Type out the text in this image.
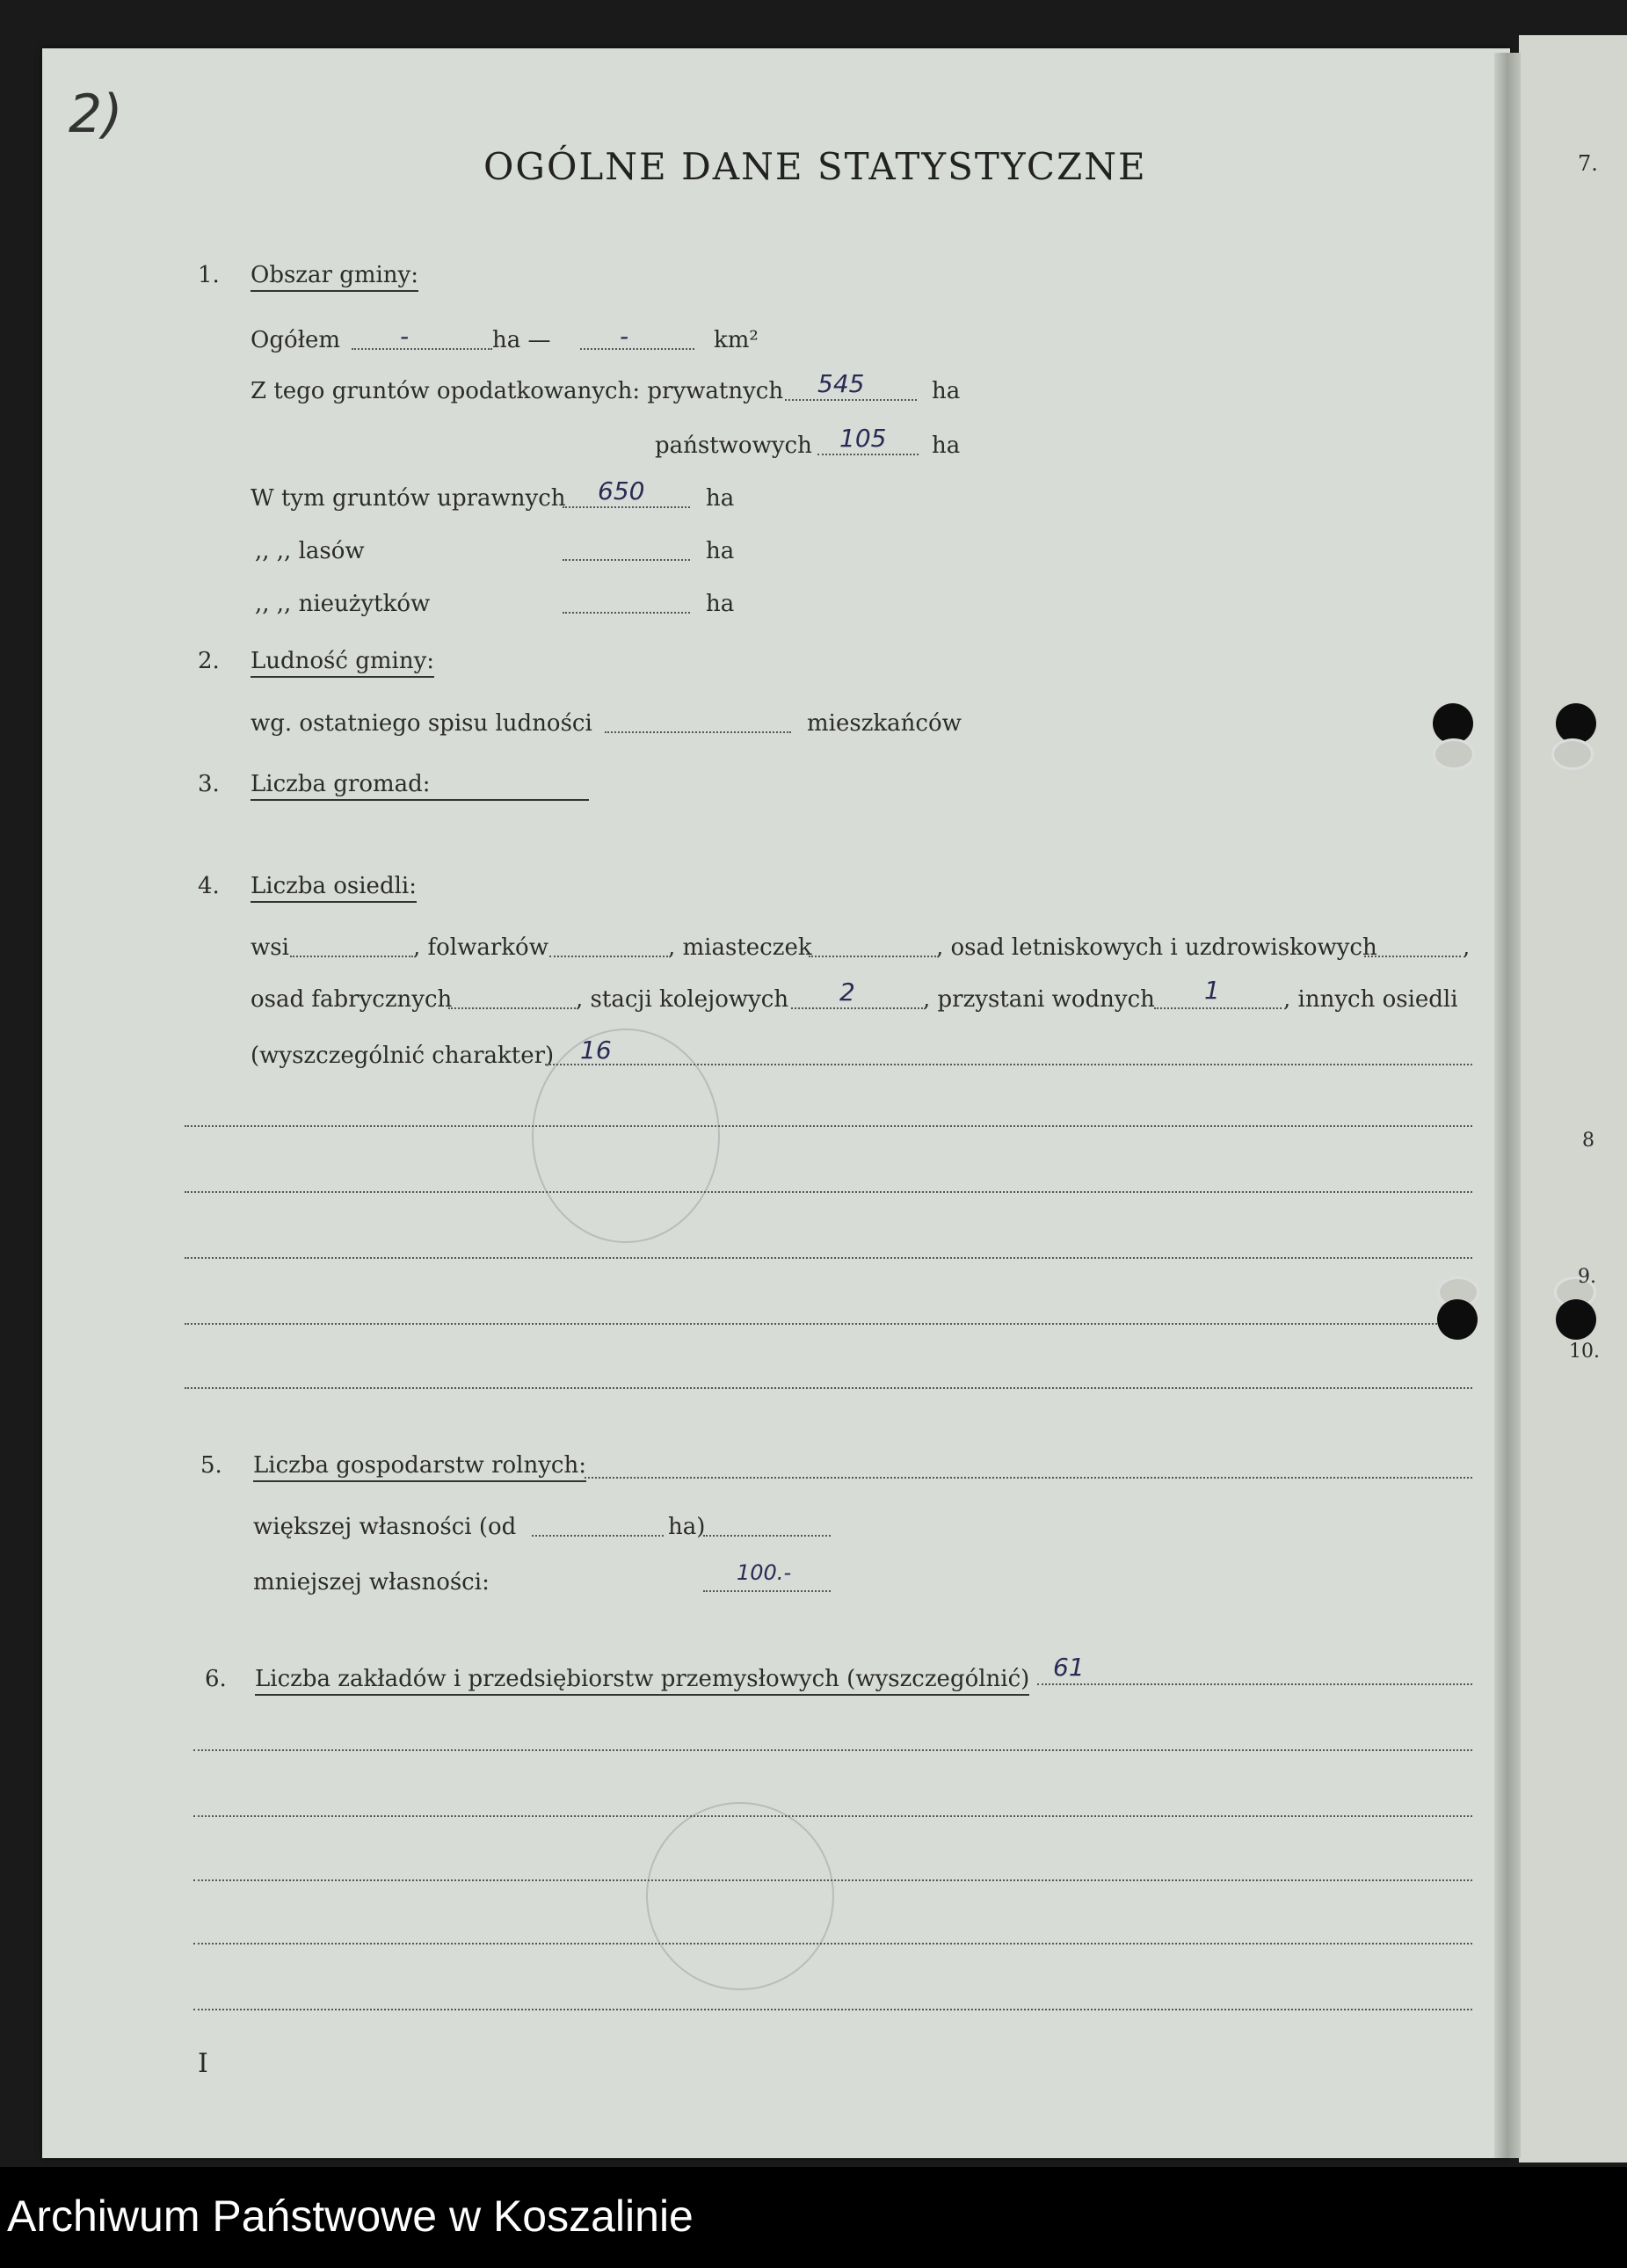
2)
OGÓLNE DANE STATYSTYCZNE
1. Obszar gminy:
Ogółem -	ha —	-	km²
Z tego gruntów opodatkowanych: prywatnych 545	ha
państwowych 105 ha
W tym gruntów uprawnych 650	ha
,, ,, lasów	ha
,, ,, nieużytków	ha
2. Ludność gminy:
wg. ostatniego spisu ludności	mieszkańców
3. Liczba gromad:
4. Liczba osiedli:
wsi	, folwarków	, miasteczek	, osad letniskowych i uzdrowiskowych	,
osad fabrycznych	, stacji kolejowych 2	, przystani wodnych 1	, innych osiedli
(wyszczególnić charakter) 16
5. Liczba gospodarstw rolnych:
większej własności (od	ha)
mniejszej własności:	100.-
6. Liczba zakładów i przedsiębiorstw przemysłowych (wyszczególnić) 61
I
7.
8
9.
10.
Archiwum Państwowe w Koszalinie
